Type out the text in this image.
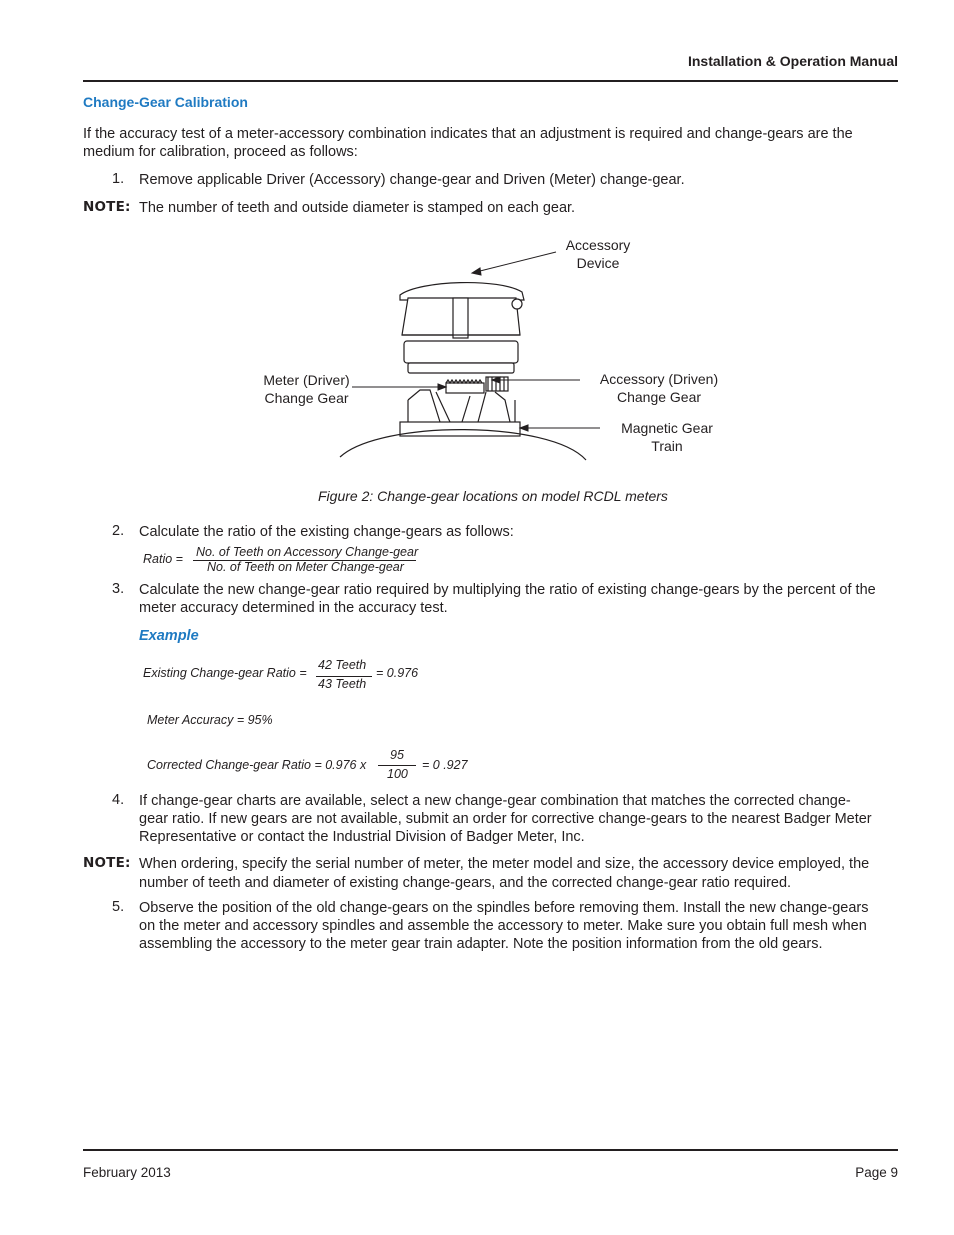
Installation & Operation Manual
Change-Gear Calibration
If the accuracy test of a meter-accessory combination indicates that an adjustment is required and change-gears are the medium for calibration, proceed as follows:
1. Remove applicable Driver (Accessory) change-gear and Driven (Meter) change-gear.
NOTE: The number of teeth and outside diameter is stamped on each gear.
Accessory
Device
Meter (Driver)
Change Gear
Accessory (Driven)
Change Gear
Magnetic Gear
Train
Figure 2: Change-gear locations on model RCDL meters
2. Calculate the ratio of the existing change-gears as follows:
Ratio = No. of Teeth on Accessory Change-gear
No. of Teeth on Meter Change-gear
3. Calculate the new change-gear ratio required by multiplying the ratio of existing change-gears by the percent of the meter accuracy determined in the accuracy test.
Example
Existing Change-gear Ratio =
42 Teeth
43 Teeth
= 0.976
Meter Accuracy = 95%
Corrected Change-gear Ratio = 0.976 x
95
100
= 0 .927
4. If change-gear charts are available, select a new change-gear combination that matches the corrected change-gear ratio. If new gears are not available, submit an order for corrective change-gears to the nearest Badger Meter Representative or contact the Industrial Division of Badger Meter, Inc.
NOTE: When ordering, specify the serial number of meter, the meter model and size, the accessory device employed, the number of teeth and diameter of existing change-gears, and the corrected change-gear ratio required.
5. Observe the position of the old change-gears on the spindles before removing them. Install the new change-gears on the meter and accessory spindles and assemble the accessory to meter. Make sure you obtain full mesh when assembling the accessory to the meter gear train adapter. Note the position information from the old gears.
February 2013	Page 9
